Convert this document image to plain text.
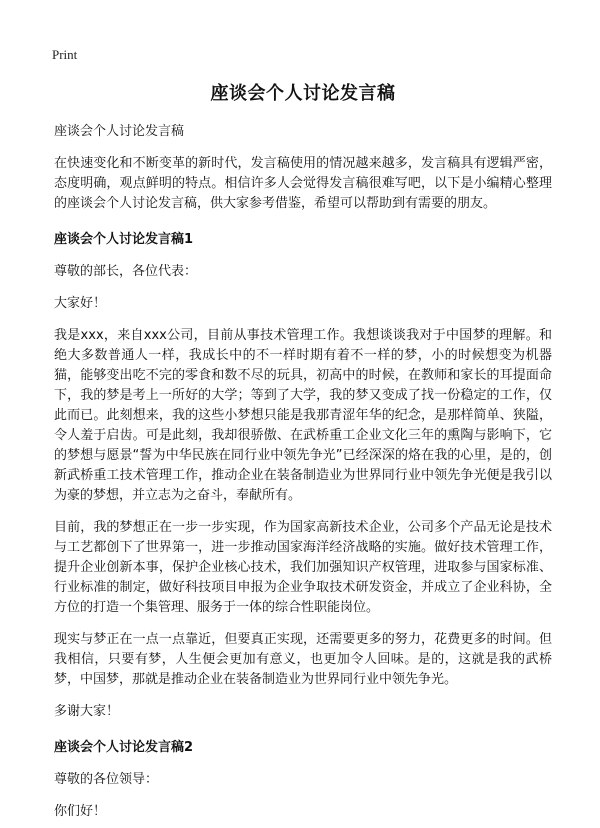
Print
座谈会个人讨论发言稿
座谈会个人讨论发言稿

在快速变化和不断变革的新时代，发言稿使用的情况越来越多，发言稿具有逻辑严密，态度明确，观点鲜明的特点。相信许多人会觉得发言稿很难写吧，以下是小编精心整理的座谈会个人讨论发言稿，供大家参考借鉴，希望可以帮助到有需要的朋友。

座谈会个人讨论发言稿1

尊敬的部长，各位代表：

大家好！

我是xxx，来自xxx公司，目前从事技术管理工作。我想谈谈我对于中国梦的理解。和绝大多数普通人一样，我成长中的不一样时期有着不一样的梦，小的时候想变为机器猫，能够变出吃不完的零食和数不尽的玩具，初高中的时候，在教师和家长的耳提面命下，我的梦是考上一所好的大学；等到了大学，我的梦又变成了找一份稳定的工作，仅此而已。此刻想来，我的这些小梦想只能是我那青涩年华的纪念，是那样简单、狭隘，令人羞于启齿。可是此刻，我却很骄傲、在武桥重工企业文化三年的熏陶与影响下，它的梦想与愿景“誓为中华民族在同行业中领先争光”已经深深的烙在我的心里，是的，创新武桥重工技术管理工作，推动企业在装备制造业为世界同行业中领先争光便是我引以为豪的梦想，并立志为之奋斗，奉献所有。

目前，我的梦想正在一步一步实现，作为国家高新技术企业，公司多个产品无论是技术与工艺都创下了世界第一，进一步推动国家海洋经济战略的实施。做好技术管理工作，提升企业创新本事，保护企业核心技术，我们加强知识产权管理，进取参与国家标准、行业标准的制定，做好科技项目申报为企业争取技术研发资金，并成立了企业科协，全方位的打造一个集管理、服务于一体的综合性职能岗位。

现实与梦正在一点一点靠近，但要真正实现，还需要更多的努力，花费更多的时间。但我相信，只要有梦，人生便会更加有意义，也更加令人回味。是的，这就是我的武桥梦，中国梦，那就是推动企业在装备制造业为世界同行业中领先争光。

多谢大家！

座谈会个人讨论发言稿2

尊敬的各位领导：

你们好！
